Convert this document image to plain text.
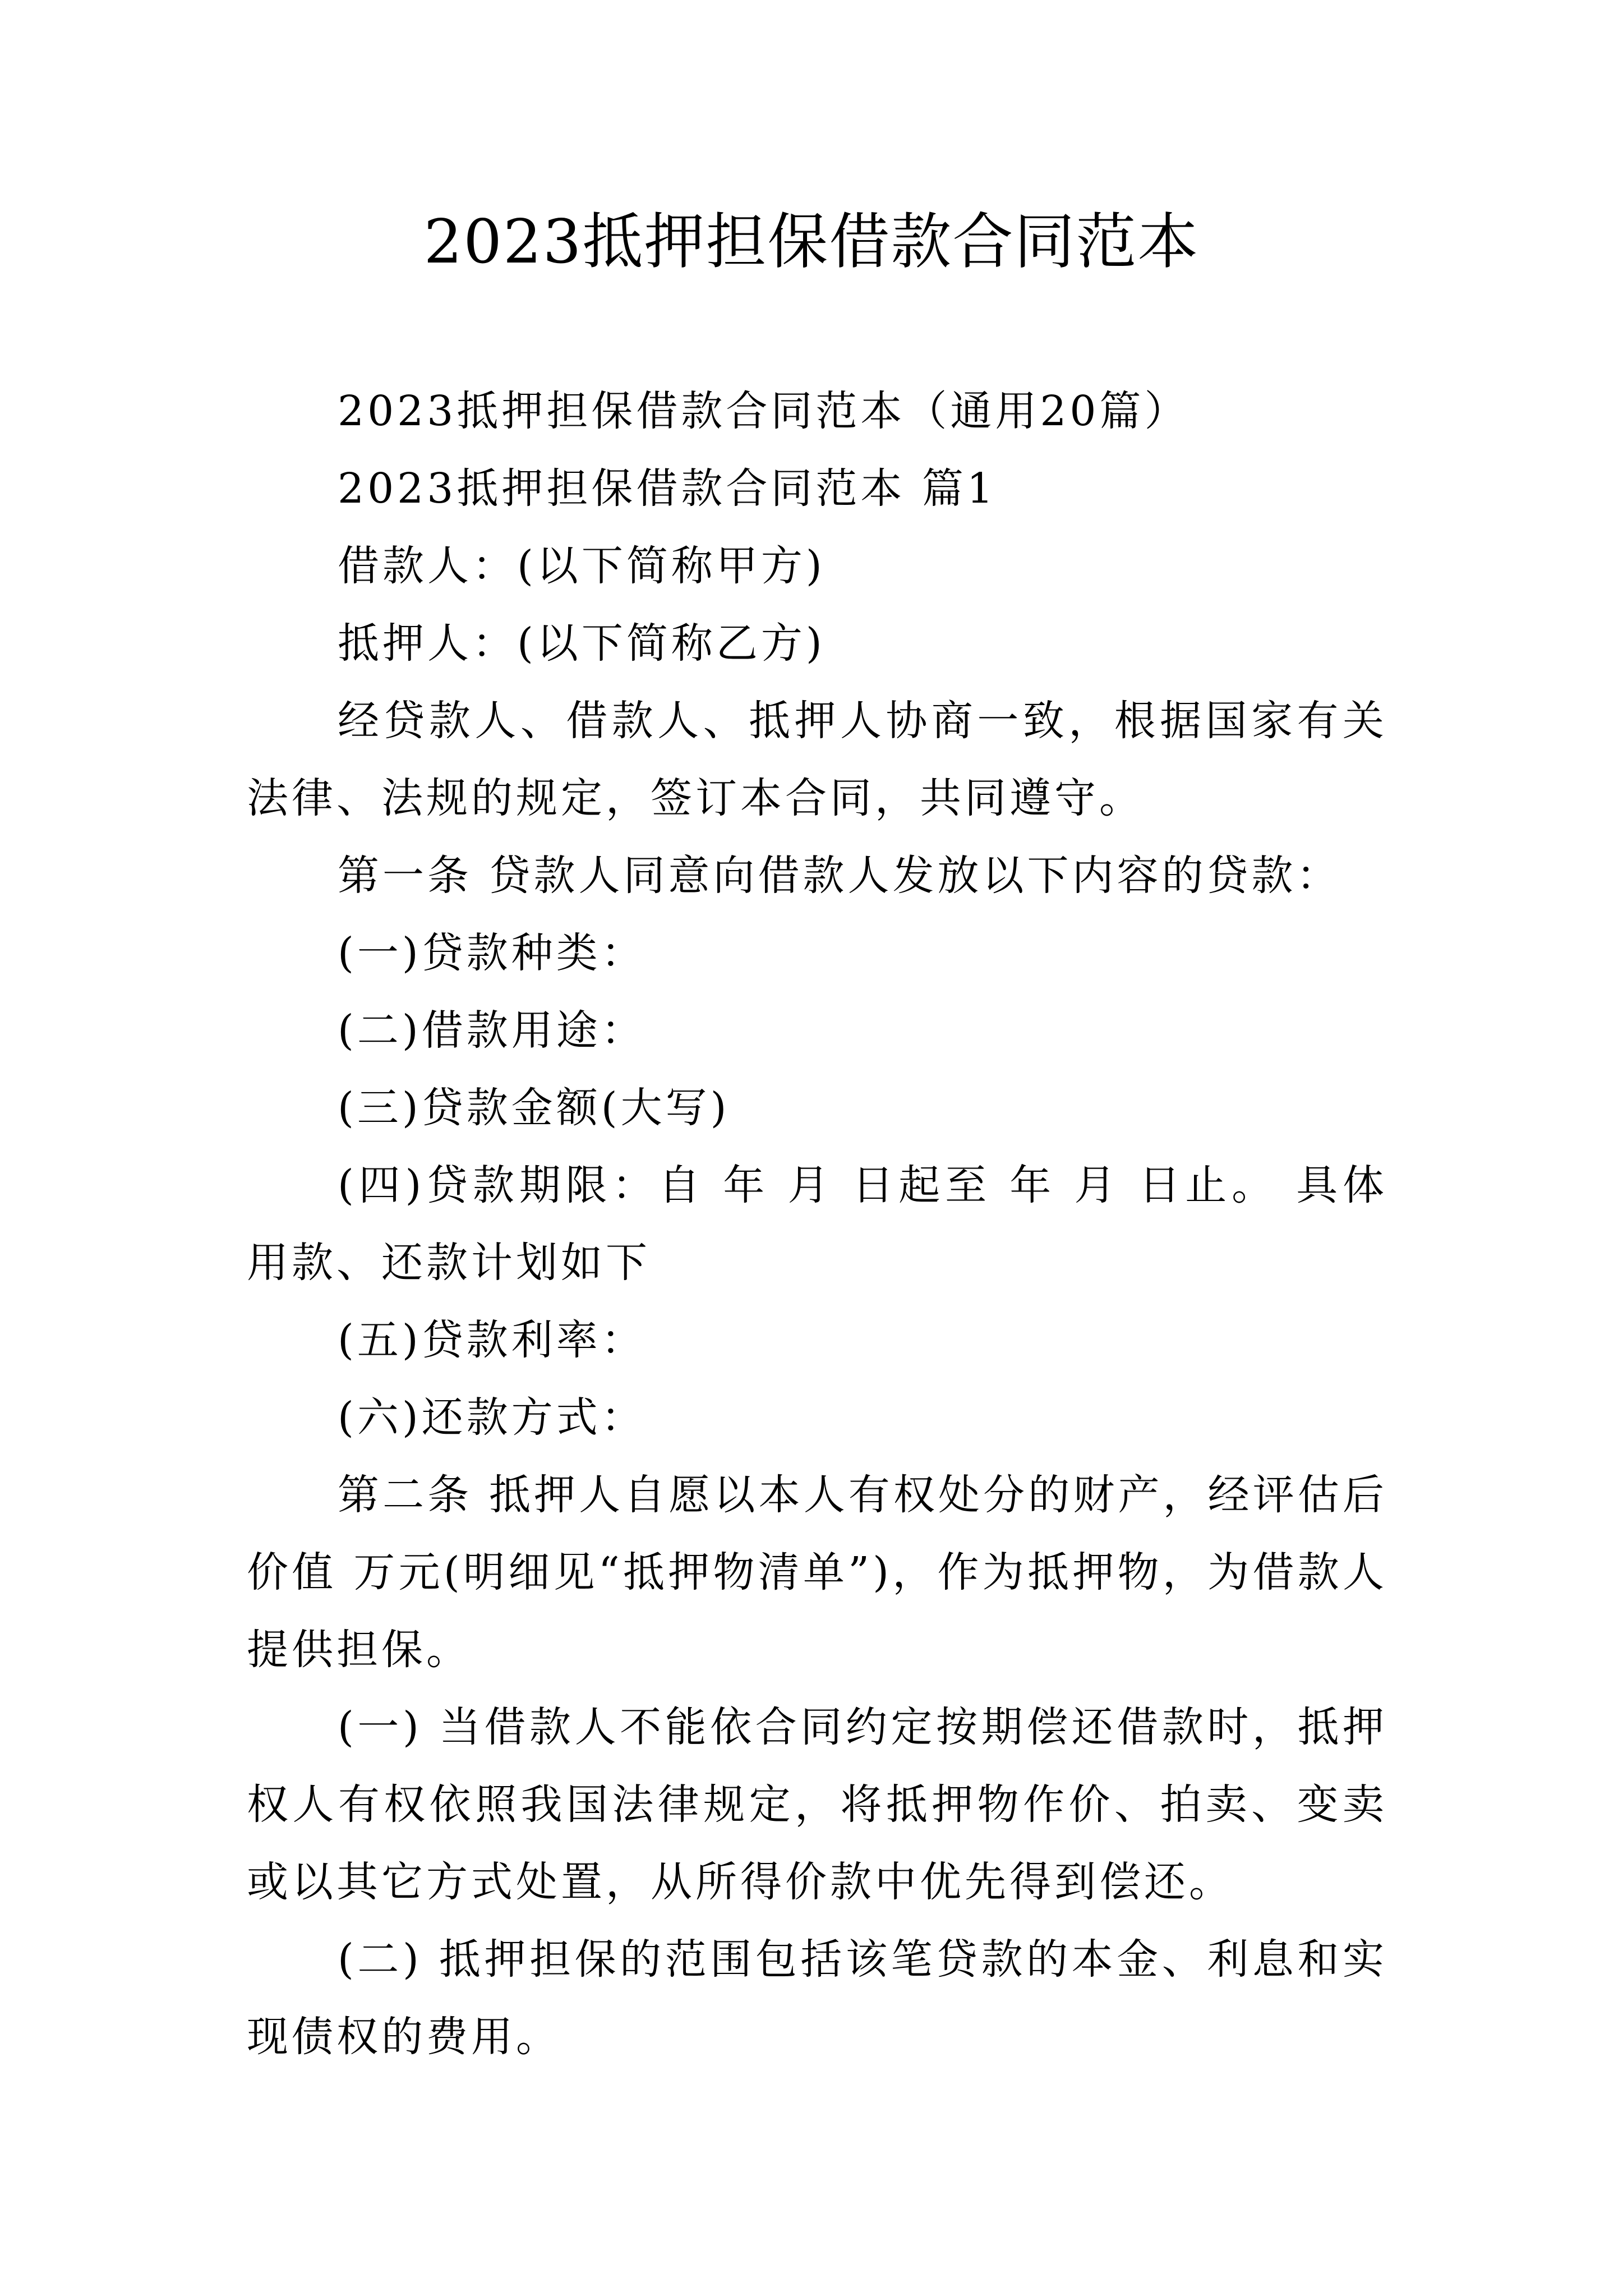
2023抵押担保借款合同范本

2023抵押担保借款合同范本（通用20篇）

2023抵押担保借款合同范本 篇1

借款人：(以下简称甲方)

抵押人：(以下简称乙方)

经贷款人、借款人、抵押人协商一致，根据国家有关法律、法规的规定，签订本合同，共同遵守。

第一条 贷款人同意向借款人发放以下内容的贷款：

(一)贷款种类：

(二)借款用途：

(三)贷款金额(大写)

(四)贷款期限：自 年 月 日起至 年 月 日止。 具体用款、还款计划如下

(五)贷款利率：

(六)还款方式：

第二条 抵押人自愿以本人有权处分的财产，经评估后价值 万元(明细见“抵押物清单”)，作为抵押物，为借款人提供担保。

(一) 当借款人不能依合同约定按期偿还借款时，抵押权人有权依照我国法律规定，将抵押物作价、拍卖、变卖或以其它方式处置，从所得价款中优先得到偿还。

(二) 抵押担保的范围包括该笔贷款的本金、利息和实现债权的费用。
